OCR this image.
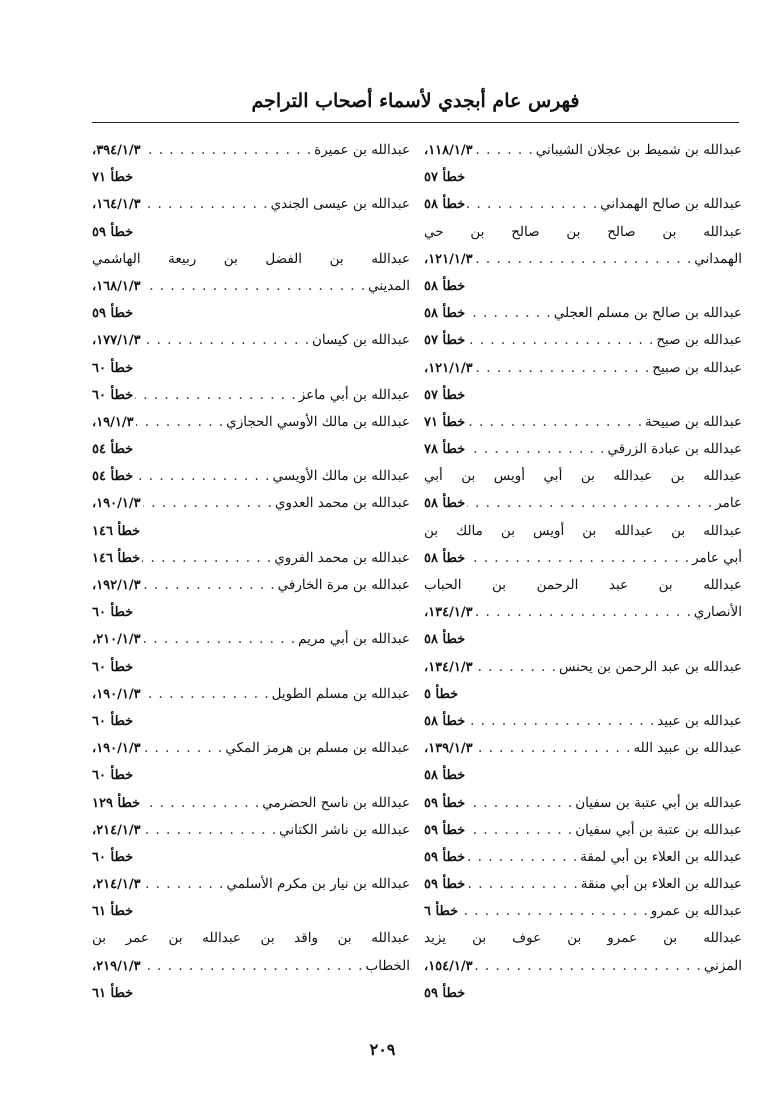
فهرس عام أبجدي لأسماء أصحاب التراجم
عبدالله بن شميط بن عجلان الشيباني
. . .
١١٨/١/٣،
خطأ ٥٧
عبدالله بن صالح الهمداني
. . .
خطأ ٥٨
عبدالله بن صالح بن صالح بن حي
الهمداني
. . .
١٢١/١/٣،
خطأ ٥٨
عبدالله بن صالح بن مسلم العجلي
. . .
خطأ ٥٨
عبدالله بن صبح
. . .
خطأ ٥٧
عبدالله بن صبيح
. . .
١٢١/١/٣،
خطأ ٥٧
عبدالله بن صبيحة
. . .
خطأ ٧١
عبدالله بن عبادة الزرقي
. . .
خطأ ٧٨
عبدالله بن عبدالله بن أبي أويس بن أبي
عامر
. . .
خطأ ٥٨
عبدالله بن عبدالله بن أويس بن مالك بن
أبي عامر
. . .
خطأ ٥٨
عبدالله بن عبد الرحمن بن الحباب
الأنصاري
. . .
١٣٤/١/٣،
خطأ ٥٨
عبدالله بن عبد الرحمن بن يحنس
. . .
١٣٤/١/٣،
خطأ ٥
عبدالله بن عبيد
. . .
خطأ ٥٨
عبدالله بن عبيد الله
. . .
١٣٩/١/٣،
خطأ ٥٨
عبدالله بن أبي عتبة بن سفيان
. . .
خطأ ٥٩
عبدالله بن عتبة بن أبي سفيان
. . .
خطأ ٥٩
عبدالله بن العلاء بن أبي لمقة
. . .
خطأ ٥٩
عبدالله بن العلاء بن أبي منقة
. . .
خطأ ٥٩
عبدالله بن عمرو
. . .
خطأ ٦
عبدالله بن عمرو بن عوف بن يزيد
المزني
. . .
١٥٤/١/٣،
خطأ ٥٩
عبدالله بن عميرة
. . .
٣٩٤/١/٣،
خطأ ٧١
عبدالله بن عيسى الجندي
. . .
١٦٤/١/٣،
خطأ ٥٩
عبدالله بن الفضل بن ربيعة الهاشمي
المديني
. . .
١٦٨/١/٣،
خطأ ٥٩
عبدالله بن كيسان
. . .
١٧٧/١/٣،
خطأ ٦٠
عبدالله بن أبي ماعز
. . .
خطأ ٦٠
عبدالله بن مالك الأوسي الحجازي
. . .
١٩/١/٣،
خطأ ٥٤
عبدالله بن مالك الأويسي
. . .
خطأ ٥٤
عبدالله بن محمد العدوي
. . .
١٩٠/١/٣،
خطأ ١٤٦
عبدالله بن محمد الفروي
. . .
خطأ ١٤٦
عبدالله بن مرة الخارفي
. . .
١٩٢/١/٣،
خطأ ٦٠
عبدالله بن أبي مريم
. . .
٢١٠/١/٣،
خطأ ٦٠
عبدالله بن مسلم الطويل
. . .
١٩٠/١/٣،
خطأ ٦٠
عبدالله بن مسلم بن هرمز المكي
. . .
١٩٠/١/٣،
خطأ ٦٠
عبدالله بن ناسح الحضرمي
. . .
خطأ ١٢٩
عبدالله بن ناشر الكتاني
. . .
٢١٤/١/٣،
خطأ ٦٠
عبدالله بن نيار بن مكرم الأسلمي
. . .
٢١٤/١/٣،
خطأ ٦١
عبدالله بن واقد بن عبدالله بن عمر بن
الخطاب
. . .
٢١٩/١/٣،
خطأ ٦١
٢٠٩
